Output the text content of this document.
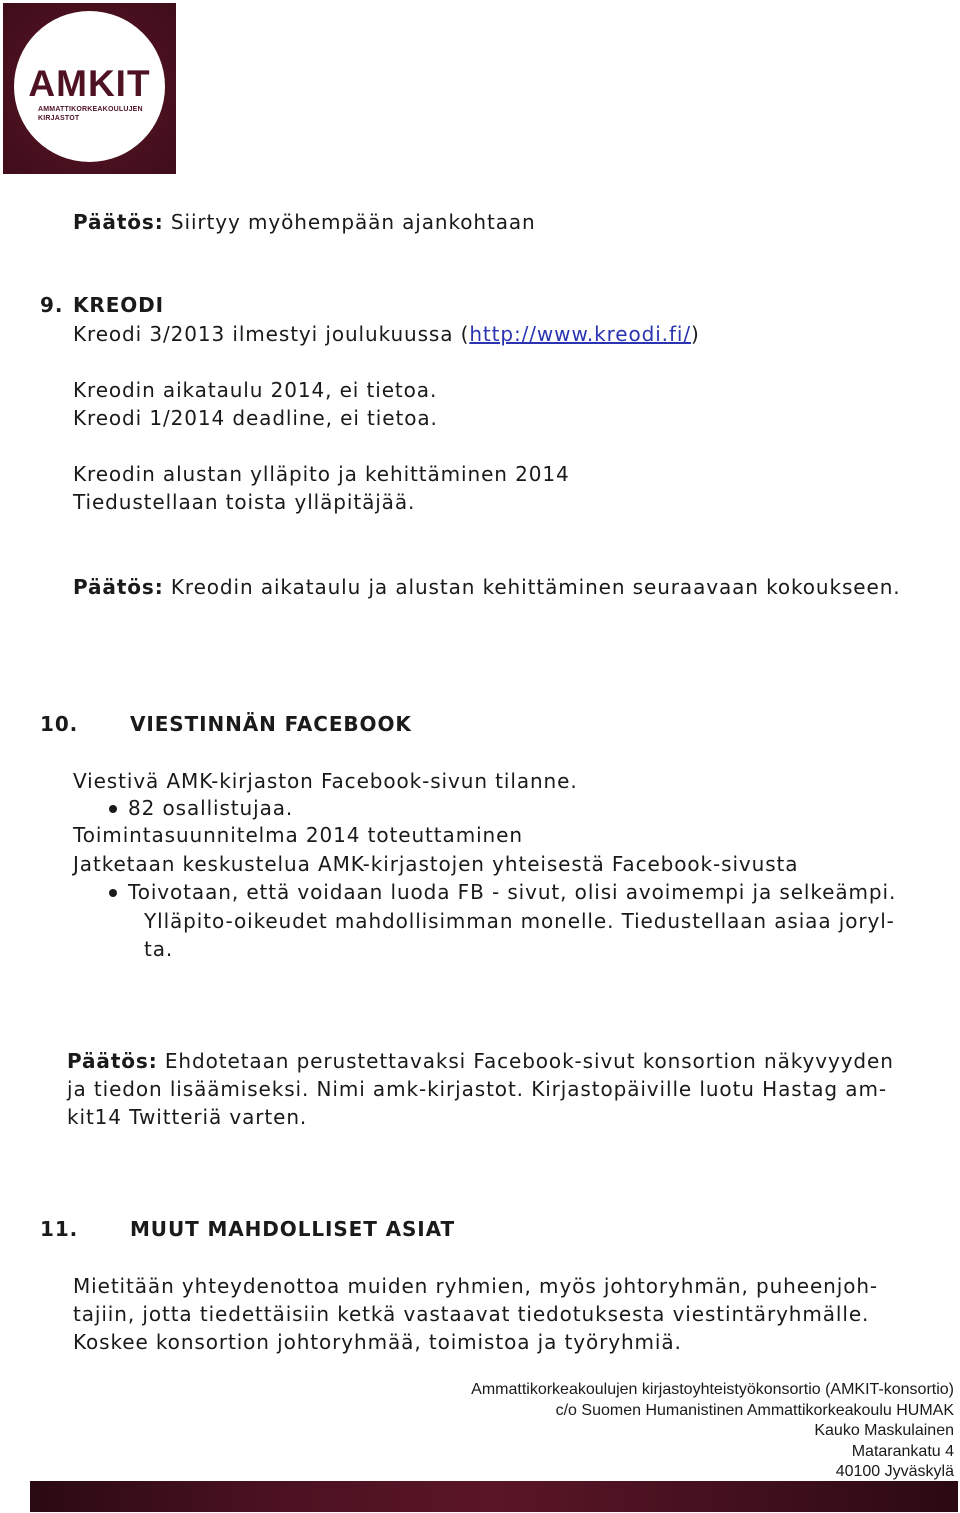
AMKIT
AMMATTIKORKEAKOULUJEN
KIRJASTOT
Päätös: Siirtyy myöhempään ajankohtaan
9. KREODI
Kreodi 3/2013 ilmestyi joulukuussa (http://www.kreodi.fi/)
Kreodin aikataulu 2014, ei tietoa.
Kreodi 1/2014 deadline, ei tietoa.
Kreodin alustan ylläpito ja kehittäminen 2014
Tiedustellaan toista ylläpitäjää.
Päätös: Kreodin aikataulu ja alustan kehittäminen seuraavaan kokoukseen.
10.	VIESTINNÄN FACEBOOK
Viestivä AMK-kirjaston Facebook-sivun tilanne.
82 osallistujaa.
Toimintasuunnitelma 2014 toteuttaminen
Jatketaan keskustelua AMK-kirjastojen yhteisestä Facebook-sivusta
Toivotaan, että voidaan luoda FB - sivut, olisi avoimempi ja selkeämpi.
Ylläpito-oikeudet mahdollisimman monelle. Tiedustellaan asiaa joryl-
ta.
Päätös: Ehdotetaan perustettavaksi Facebook-sivut konsortion näkyvyyden
ja tiedon lisäämiseksi. Nimi amk-kirjastot. Kirjastopäiville luotu Hastag am-
kit14 Twitteriä varten.
11.	MUUT MAHDOLLISET ASIAT
Mietitään yhteydenottoa muiden ryhmien, myös johtoryhmän, puheenjoh-
tajiin, jotta tiedettäisiin ketkä vastaavat tiedotuksesta viestintäryhmälle.
Koskee konsortion johtoryhmää, toimistoa ja työryhmiä.
Ammattikorkeakoulujen kirjastoyhteistyökonsortio (AMKIT-konsortio)
c/o Suomen Humanistinen Ammattikorkeakoulu HUMAK
Kauko Maskulainen
Matarankatu 4
40100 Jyväskylä
